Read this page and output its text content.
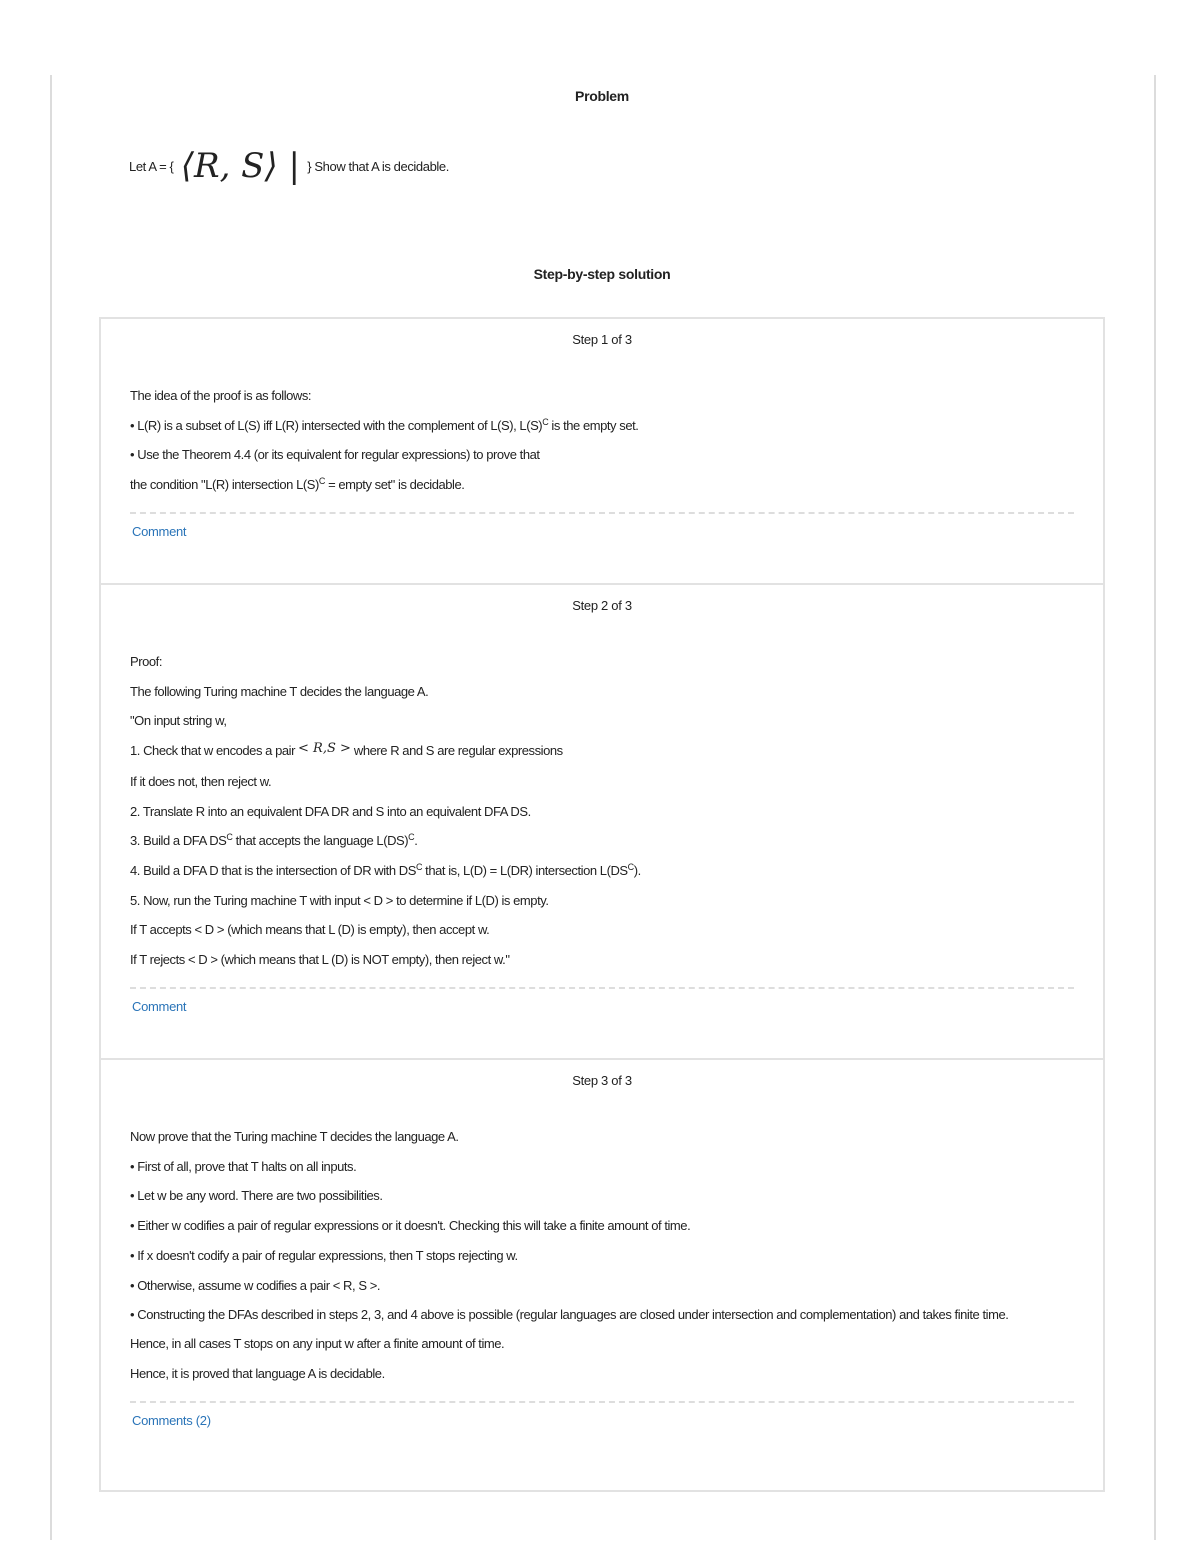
Problem
Let A = { ⟨R, S⟩ | } Show that A is decidable.
Step-by-step solution
Step 1 of 3

The idea of the proof is as follows:

• L(R) is a subset of L(S) iff L(R) intersected with the complement of L(S), $L(S)^C$ is the empty set.

• Use the Theorem 4.4 (or its equivalent for regular expressions) to prove that

the condition "L(R) intersection $L(S)^C$ = empty set" is decidable.

Comment
Step 2 of 3

Proof:

The following Turing machine T decides the language A.

"On input string w,

1. Check that w encodes a pair < R,S > where R and S are regular expressions

If it does not, then reject w.

2. Translate R into an equivalent DFA DR and S into an equivalent DFA DS.

3. Build a DFA $DS^C$ that accepts the language L(DS)$^C$.

4. Build a DFA D that is the intersection of DR with $DS^C$ that is, L(D) = L(DR) intersection $L(DS^C)$.

5. Now, run the Turing machine T with input < D > to determine if L(D) is empty.

If T accepts < D > (which means that L (D) is empty), then accept w.

If T rejects < D > (which means that L (D) is NOT empty), then reject w."

Comment
Step 3 of 3

Now prove that the Turing machine T decides the language A.

• First of all, prove that T halts on all inputs.

• Let w be any word. There are two possibilities.

• Either w codifies a pair of regular expressions or it doesn't. Checking this will take a finite amount of time.

• If x doesn't codify a pair of regular expressions, then T stops rejecting w.

• Otherwise, assume w codifies a pair < R, S >.

• Constructing the DFAs described in steps 2, 3, and 4 above is possible (regular languages are closed under intersection and complementation) and takes finite time.

Hence, in all cases T stops on any input w after a finite amount of time.

Hence, it is proved that language A is decidable.

Comments (2)
